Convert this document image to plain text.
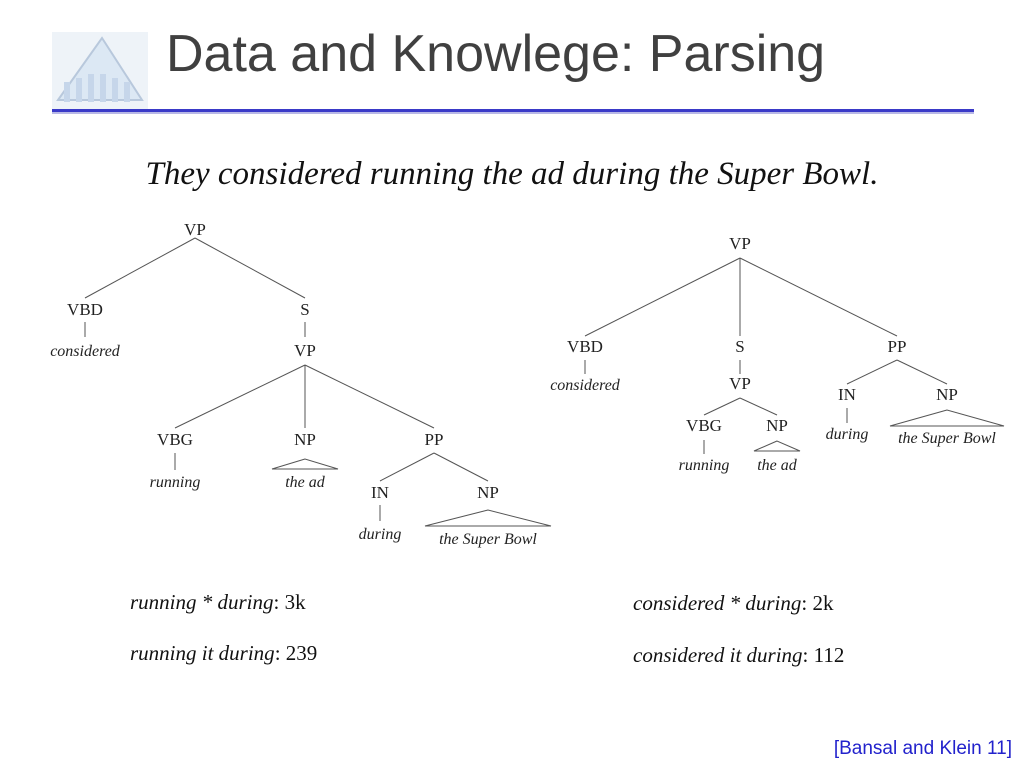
Data and Knowlege: Parsing
They considered running the ad during the Super Bowl.
VP
VBD
considered
S
VP
VBG
running
NP
the ad
PP
IN
during
NP
the Super Bowl
VP
VBD
considered
S
VP
VBG
running
NP
the ad
PP
IN
during
NP
the Super Bowl
running * during: 3k
running it during: 239
considered * during: 2k
considered it during: 112
[Bansal and Klein 11]
